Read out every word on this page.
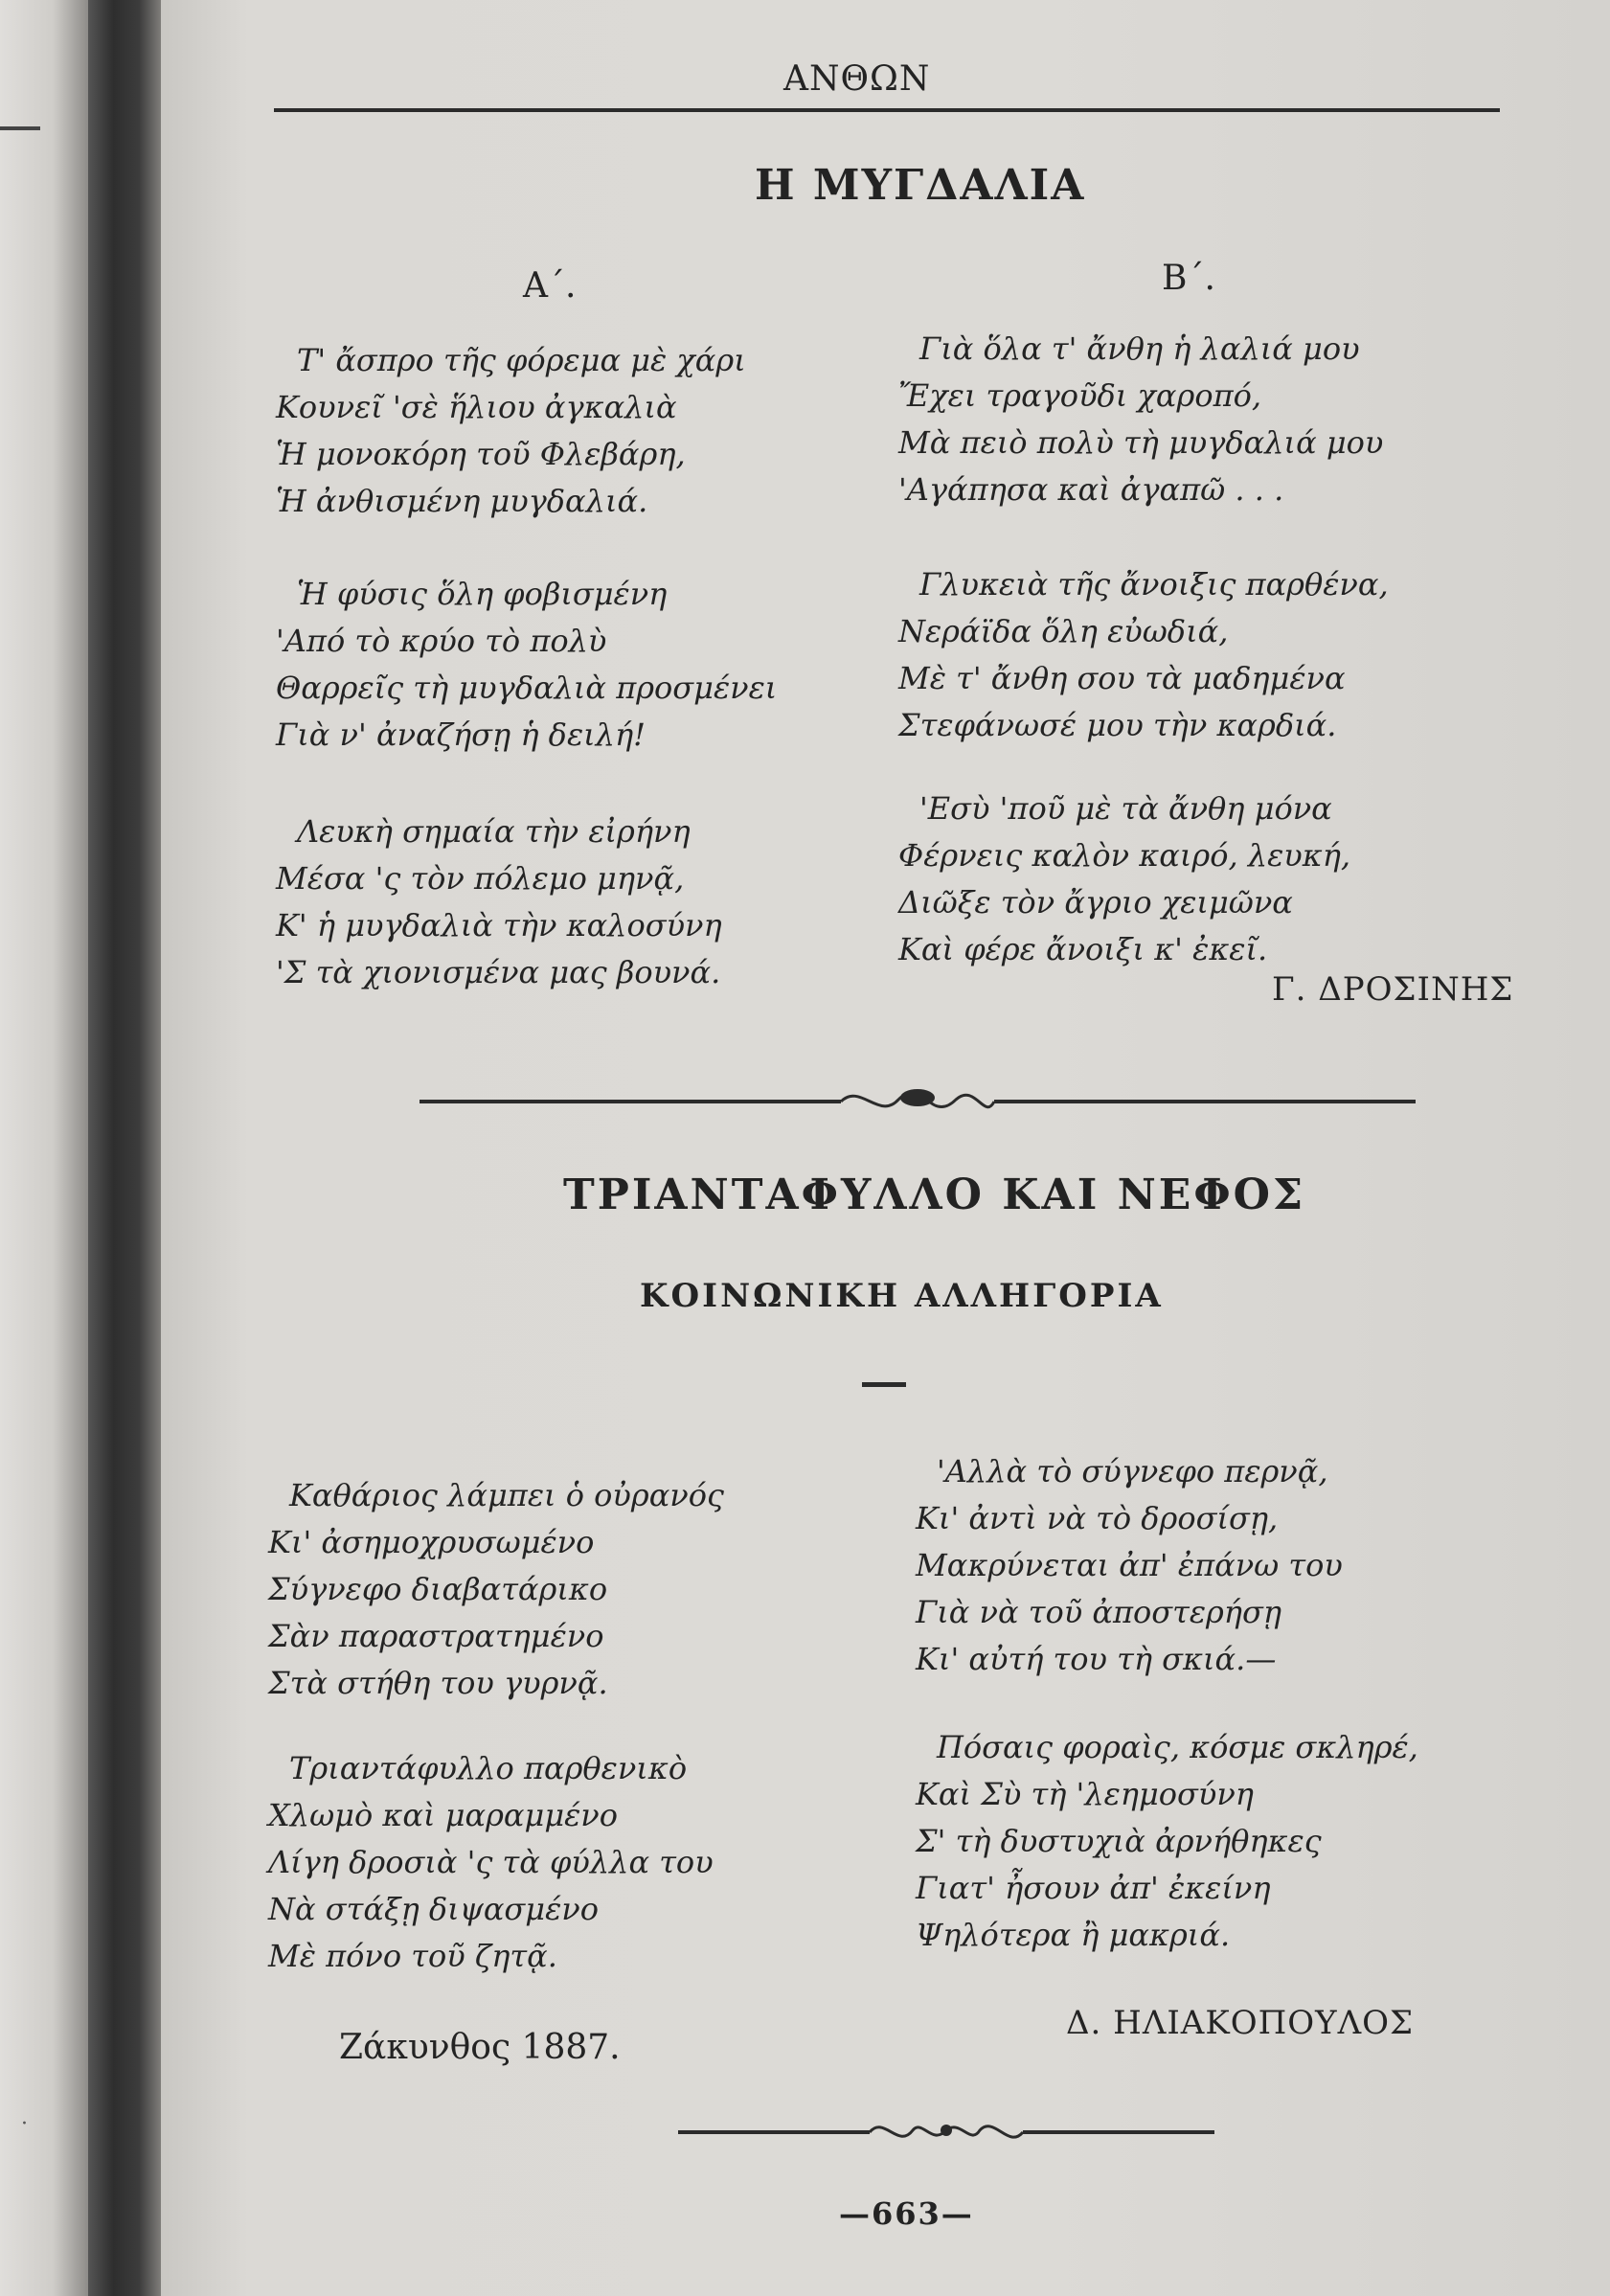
·
ΑΝΘΩΝ
Η ΜΥΓΔΑΛΙΑ
Α΄.	Β΄.
Τ' ἄσπρο τῆς φόρεμα μὲ χάρι
Κουνεῖ 'σὲ ἥλιου ἀγκαλιὰ
Ἡ μονοκόρη τοῦ Φλεβάρη,
Ἡ ἀνθισμένη μυγδαλιά.
Ἡ φύσις ὅλη φοβισμένη
'Από τὸ κρύο τὸ πολὺ
Θαρρεῖς τὴ μυγδαλιὰ προσμένει
Γιὰ ν' ἀναζήσῃ ἡ δειλή!
Λευκὴ σημαία τὴν εἰρήνη
Μέσα 'ς τὸν πόλεμο μηνᾷ,
Κ' ἡ μυγδαλιὰ τὴν καλοσύνη
'Σ τὰ χιονισμένα μας βουνά.
Γιὰ ὅλα τ' ἄνθη ἡ λαλιά μου
Ἔχει τραγοῦδι χαροπό,
Μὰ πειὸ πολὺ τὴ μυγδαλιά μου
'Αγάπησα καὶ ἀγαπῶ . . .
Γλυκειὰ τῆς ἄνοιξις παρθένα,
Νεράϊδα ὅλη εὐωδιά,
Μὲ τ' ἄνθη σου τὰ μαδημένα
Στεφάνωσέ μου τὴν καρδιά.
'Εσὺ 'ποῦ μὲ τὰ ἄνθη μόνα
Φέρνεις καλὸν καιρό, λευκή,
Διῶξε τὸν ἄγριο χειμῶνα
Καὶ φέρε ἄνοιξι κ' ἐκεῖ.
Γ. ΔΡΟΣΙΝΗΣ
ΤΡΙΑΝΤΑΦΥΛΛΟ ΚΑΙ ΝΕΦΟΣ
ΚΟΙΝΩΝΙΚΗ ΑΛΛΗΓΟΡΙΑ
Καθάριος λάμπει ὁ οὐρανός
Κι' ἀσημοχρυσωμένο
Σύγνεφο διαβατάρικο
Σὰν παραστρατημένο
Στὰ στήθη του γυρνᾷ.
Τριαντάφυλλο παρθενικὸ
Χλωμὸ καὶ μαραμμένο
Λίγη δροσιὰ 'ς τὰ φύλλα του
Νὰ στάξῃ διψασμένο
Μὲ πόνο τοῦ ζητᾷ.
'Αλλὰ τὸ σύγνεφο περνᾷ,
Κι' ἀντὶ νὰ τὸ δροσίσῃ,
Μακρύνεται ἀπ' ἐπάνω του
Γιὰ νὰ τοῦ ἀποστερήσῃ
Κι' αὐτή του τὴ σκιά.—
Πόσαις φοραὶς, κόσμε σκληρέ,
Καὶ Σὺ τὴ 'λεημοσύνη
Σ' τὴ δυστυχιὰ ἀρνήθηκες
Γιατ' ἦσουν ἀπ' ἐκείνη
Ψηλότερα ἢ μακριά.
Ζάκυνθος 1887.
Δ. ΗΛΙΑΚΟΠΟΥΛΟΣ
—663—
